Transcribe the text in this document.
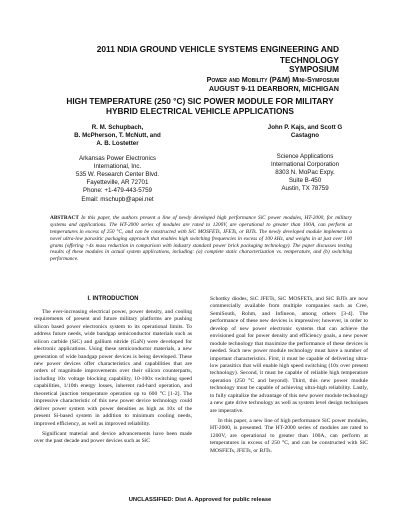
2011 NDIA GROUND VEHICLE SYSTEMS ENGINEERING AND TECHNOLOGY
SYMPOSIUM
Power and Mobility (P&M) Mini-Symposium
AUGUST 9-11 DEARBORN, MICHIGAN
HIGH TEMPERATURE (250 °C) SIC POWER MODULE FOR MILITARY
HYBRID ELECTRICAL VEHICLE APPLICATIONS
R. M. Schupbach,
B. McPherson, T. McNutt, and
A. B. Lostetter
Arkansas Power Electronics
International, Inc.
535 W. Research Center Blvd.
Fayetteville, AR 72701
Phone: +1-479-443-5759
Email: mschupb@apei.net
John P. Kajs, and Scott G
Castagno
Science Applications
International Corporation
8303 N. MoPac Expy.
Suite B-450
Austin, TX 78759
ABSTRACT In this paper, the authors present a line of newly developed high performance SiC power modules, HT-2000, for military systems and applications. The HT-2000 series of modules are rated to 1200V, are operational to greater than 100A, can perform at temperatures in excess of 250 °C, and can be constructed with SiC MOSFETs, JFETs, or BJTs. The newly developed module implements a novel ultra-low parasitic packaging approach that enables high switching frequencies in excess of 100 kHz, and weighs in at just over 100 grams (offering >4x mass reduction in comparison with industry standard power brick packaging technology). The paper discusses testing results of these modules in actual system applications, including: (a) complete static characterization vs. temperature, and (b) switching performance.
I. INTRODUCTION

The ever-increasing electrical power, power density, and cooling requirements of present and future military platforms are pushing silicon based power electronics system to its operational limits. To address future needs, wide bandgap semiconductor materials such as silicon carbide (SiC) and gallium nitride (GaN) were developed for electronic applications. Using these semiconductor materials, a new generation of wide bandgap power devices is being developed. These new power devices offer characteristics and capabilities that are orders of magnitude improvements over their silicon counterparts, including 10x voltage blocking capability, 10-100x switching speed capabilities, 1/10th energy losses, inherent rad-hard operation, and theoretical junction temperature operation up to 600 °C [1-2]. The impressive characteristic of this new power device technology could deliver power system with power densities as high as 10x of the present Si-based system in addition to minimum cooling needs, improved efficiency, as well as improved reliability.

Significant material and device advancements have been made over the past decade and power devices such as SiC

Schottky diodes, SiC JFETs, SiC MOSFETs, and SiC BJTs are now commercially available from multiple companies such as Cree, SemiSouth, Rohm, and Infineon, among others [3-4]. The performance of these new devices is impressive; however, in order to develop of new power electronic systems that can achieve the envisioned goal for power density and efficiency goals, a new power module technology that maximize the performance of these devices is needed. Such new power module technology must have a number of important characteristics. First, it must be capable of delivering ultra-low parasitics that will enable high speed switching (10x over present technology). Second, it must be capable of reliable high temperature operation (250 °C and beyond). Third, this new power module technology must be capable of achieving ultra-high reliability. Lastly, to fully capitalize the advantage of this new power module technology a new gate drive technology as well as system level design techniques are imperative.

In this paper, a new line of high performance SiC power modules, HT-2000, is presented. The HT-2000 series of modules are rated to 1200V, are operational to greater than 100A, can perform at temperatures in excess of 250 °C, and can be constructed with SiC MOSFETs, JFETs, or BJTs.

UNCLASSIFIED: Dist A. Approved for public release
